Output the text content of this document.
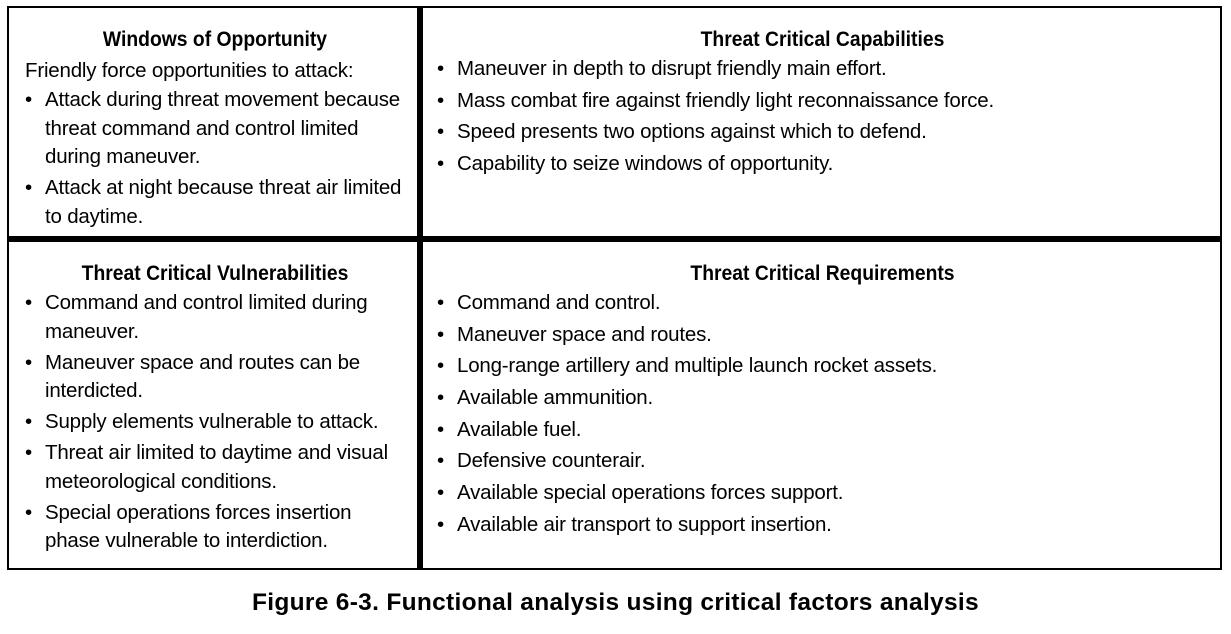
Windows of Opportunity

Friendly force opportunities to attack:

• Attack during threat movement because threat command and control limited during maneuver.
• Attack at night because threat air limited to daytime.

Threat Critical Capabilities

• Maneuver in depth to disrupt friendly main effort.
• Mass combat fire against friendly light reconnaissance force.
• Speed presents two options against which to defend.
• Capability to seize windows of opportunity.

Threat Critical Vulnerabilities

• Command and control limited during maneuver.
• Maneuver space and routes can be interdicted.
• Supply elements vulnerable to attack.
• Threat air limited to daytime and visual meteorological conditions.
• Special operations forces insertion phase vulnerable to interdiction.

Threat Critical Requirements

• Command and control.
• Maneuver space and routes.
• Long-range artillery and multiple launch rocket assets.
• Available ammunition.
• Available fuel.
• Defensive counterair.
• Available special operations forces support.
• Available air transport to support insertion.
Figure 6-3. Functional analysis using critical factors analysis
